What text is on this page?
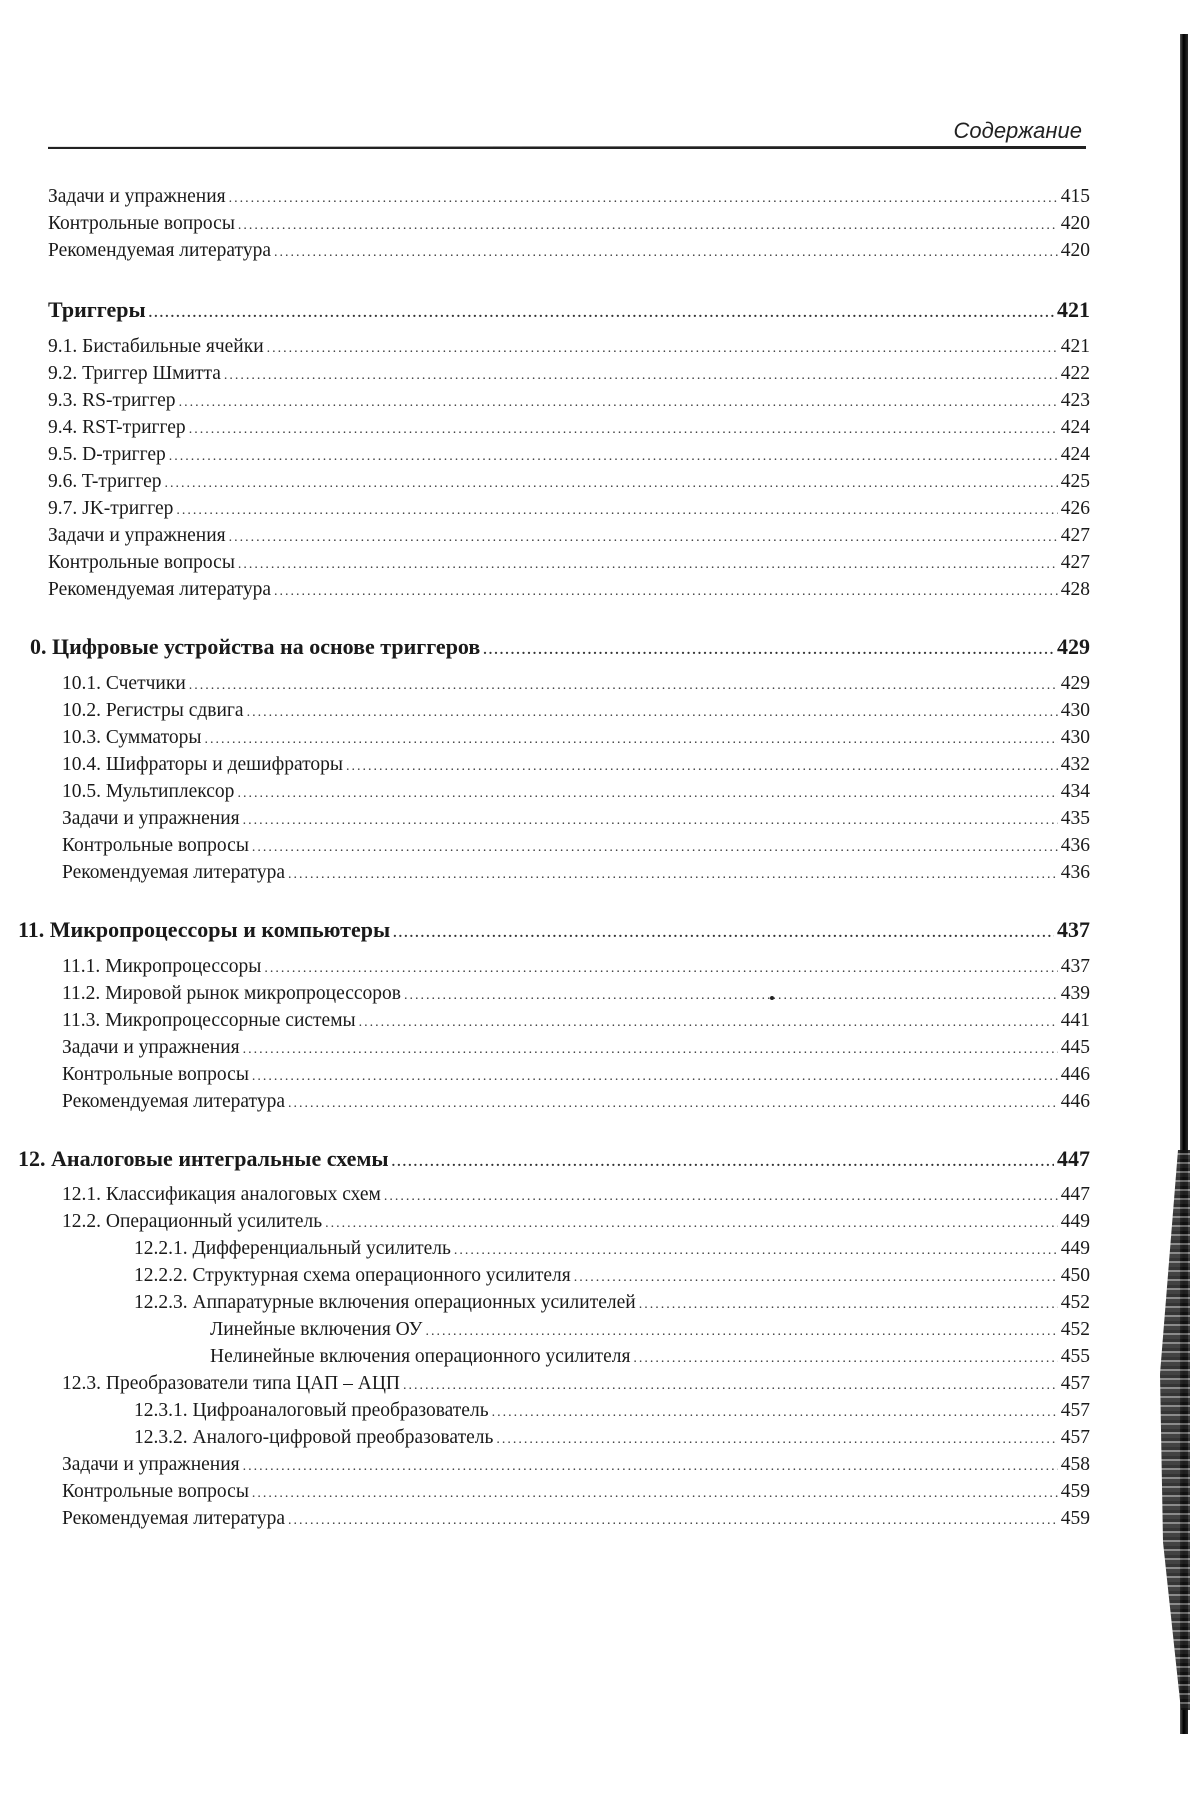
Содержание
Задачи и упражнения .....	415
Контрольные вопросы .....	420
Рекомендуемая литература .....	420
Триггеры .....	421
9.1. Бистабильные ячейки .....	421
9.2. Триггер Шмитта .....	422
9.3. RS-триггер .....	423
9.4. RST-триггер .....	424
9.5. D-триггер .....	424
9.6. T-триггер .....	425
9.7. JK-триггер .....	426
Задачи и упражнения .....	427
Контрольные вопросы .....	427
Рекомендуемая литература .....	428
0. Цифровые устройства на основе триггеров .....	429
10.1. Счетчики .....	429
10.2. Регистры сдвига .....	430
10.3. Сумматоры .....	430
10.4. Шифраторы и дешифраторы .....	432
10.5. Мультиплексор .....	434
Задачи и упражнения .....	435
Контрольные вопросы .....	436
Рекомендуемая литература .....	436
11. Микропроцессоры и компьютеры .....	437
11.1. Микропроцессоры .....	437
11.2. Мировой рынок микропроцессоров .....	439
11.3. Микропроцессорные системы .....	441
Задачи и упражнения .....	445
Контрольные вопросы .....	446
Рекомендуемая литература .....	446
12. Аналоговые интегральные схемы .....	447
12.1. Классификация аналоговых схем .....	447
12.2. Операционный усилитель .....	449
12.2.1. Дифференциальный усилитель .....	449
12.2.2. Структурная схема операционного усилителя .....	450
12.2.3. Аппаратурные включения операционных усилителей .....	452
Линейные включения ОУ .....	452
Нелинейные включения операционного усилителя .....	455
12.3. Преобразователи типа ЦАП – АЦП .....	457
12.3.1. Цифроаналоговый преобразователь .....	457
12.3.2. Аналого-цифровой преобразователь .....	457
Задачи и упражнения .....	458
Контрольные вопросы .....	459
Рекомендуемая литература .....	459
